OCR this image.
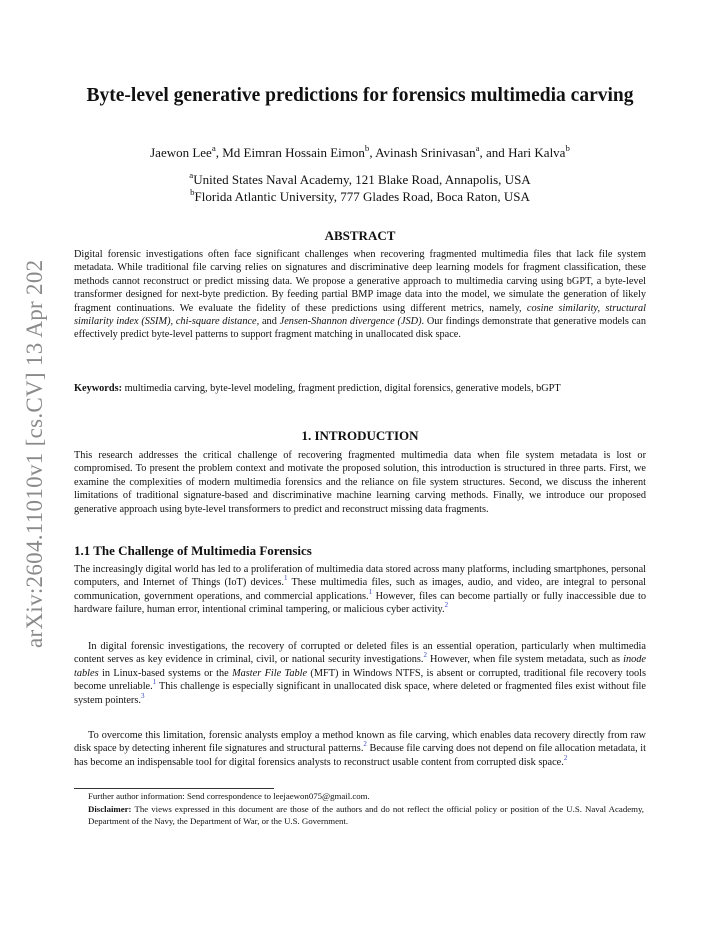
arXiv:2604.11010v1 [cs.CV] 13 Apr 2026
Byte-level generative predictions for forensics multimedia carving
Jaewon Lee$^a$, Md Eimran Hossain Eimon$^b$, Avinash Srinivasan$^a$, and Hari Kalva$^b$
$^a$United States Naval Academy, 121 Blake Road, Annapolis, USA
$^b$Florida Atlantic University, 777 Glades Road, Boca Raton, USA
ABSTRACT
Digital forensic investigations often face significant challenges when recovering fragmented multimedia files that lack file system metadata. While traditional file carving relies on signatures and discriminative deep learning models for fragment classification, these methods cannot reconstruct or predict missing data. We propose a generative approach to multimedia carving using bGPT, a byte-level transformer designed for next-byte prediction. By feeding partial BMP image data into the model, we simulate the generation of likely fragment continuations. We evaluate the fidelity of these predictions using different metrics, namely, cosine similarity, structural similarity index (SSIM), chi-square distance, and Jensen-Shannon divergence (JSD). Our findings demonstrate that generative models can effectively predict byte-level patterns to support fragment matching in unallocated disk space.
Keywords: multimedia carving, byte-level modeling, fragment prediction, digital forensics, generative models, bGPT
1. INTRODUCTION
This research addresses the critical challenge of recovering fragmented multimedia data when file system metadata is lost or compromised. To present the problem context and motivate the proposed solution, this introduction is structured in three parts. First, we examine the complexities of modern multimedia forensics and the reliance on file system structures. Second, we discuss the inherent limitations of traditional signature-based and discriminative machine learning carving methods. Finally, we introduce our proposed generative approach using byte-level transformers to predict and reconstruct missing data fragments.
1.1 The Challenge of Multimedia Forensics
The increasingly digital world has led to a proliferation of multimedia data stored across many platforms, including smartphones, personal computers, and Internet of Things (IoT) devices.$^1$ These multimedia files, such as images, audio, and video, are integral to personal communication, government operations, and commercial applications.$^1$ However, files can become partially or fully inaccessible due to hardware failure, human error, intentional criminal tampering, or malicious cyber activity.$^2$
In digital forensic investigations, the recovery of corrupted or deleted files is an essential operation, particularly when multimedia content serves as key evidence in criminal, civil, or national security investigations.$^2$ However, when file system metadata, such as inode tables in Linux-based systems or the Master File Table (MFT) in Windows NTFS, is absent or corrupted, traditional file recovery tools become unreliable.$^1$ This challenge is especially significant in unallocated disk space, where deleted or fragmented files exist without file system pointers.$^3$
To overcome this limitation, forensic analysts employ a method known as file carving, which enables data recovery directly from raw disk space by detecting inherent file signatures and structural patterns.$^2$ Because file carving does not depend on file allocation metadata, it has become an indispensable tool for digital forensics analysts to reconstruct usable content from corrupted disk space.$^2$
Further author information: Send correspondence to leejaewon075@gmail.com.
Disclaimer: The views expressed in this document are those of the authors and do not reflect the official policy or position of the U.S. Naval Academy, Department of the Navy, the Department of War, or the U.S. Government.
